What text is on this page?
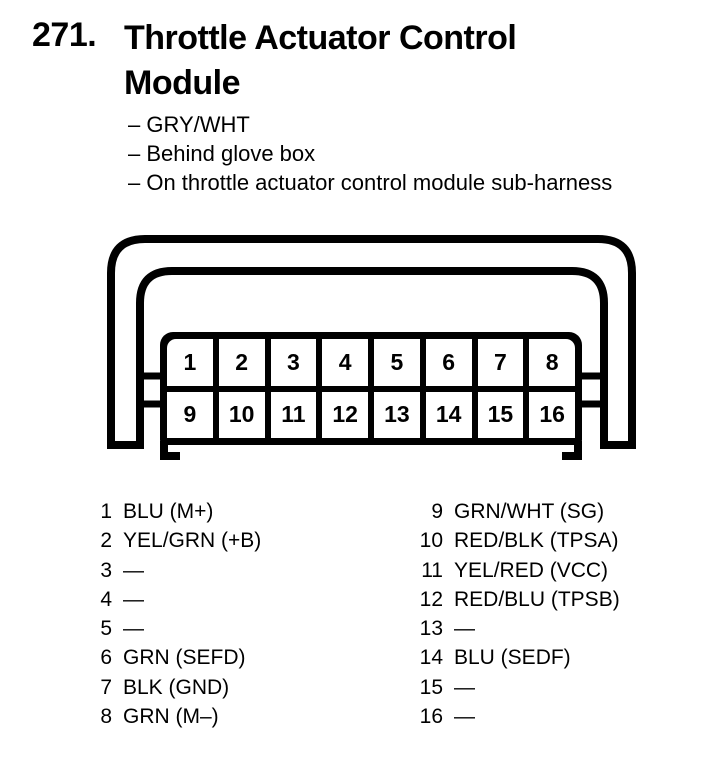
271. Throttle Actuator Control
Module
– GRY/WHT
– Behind glove box
– On throttle actuator control module sub-harness
1	2	3	4	5	6	7	8
9	10	11	12	13	14	15	16
1 BLU (M+)
2 YEL/GRN (+B)
3 —
4 —
5 —
6 GRN (SEFD)
7 BLK (GND)
8 GRN (M–)
9 GRN/WHT (SG)
10 RED/BLK (TPSA)
11 YEL/RED (VCC)
12 RED/BLU (TPSB)
13 —
14 BLU (SEDF)
15 —
16 —
